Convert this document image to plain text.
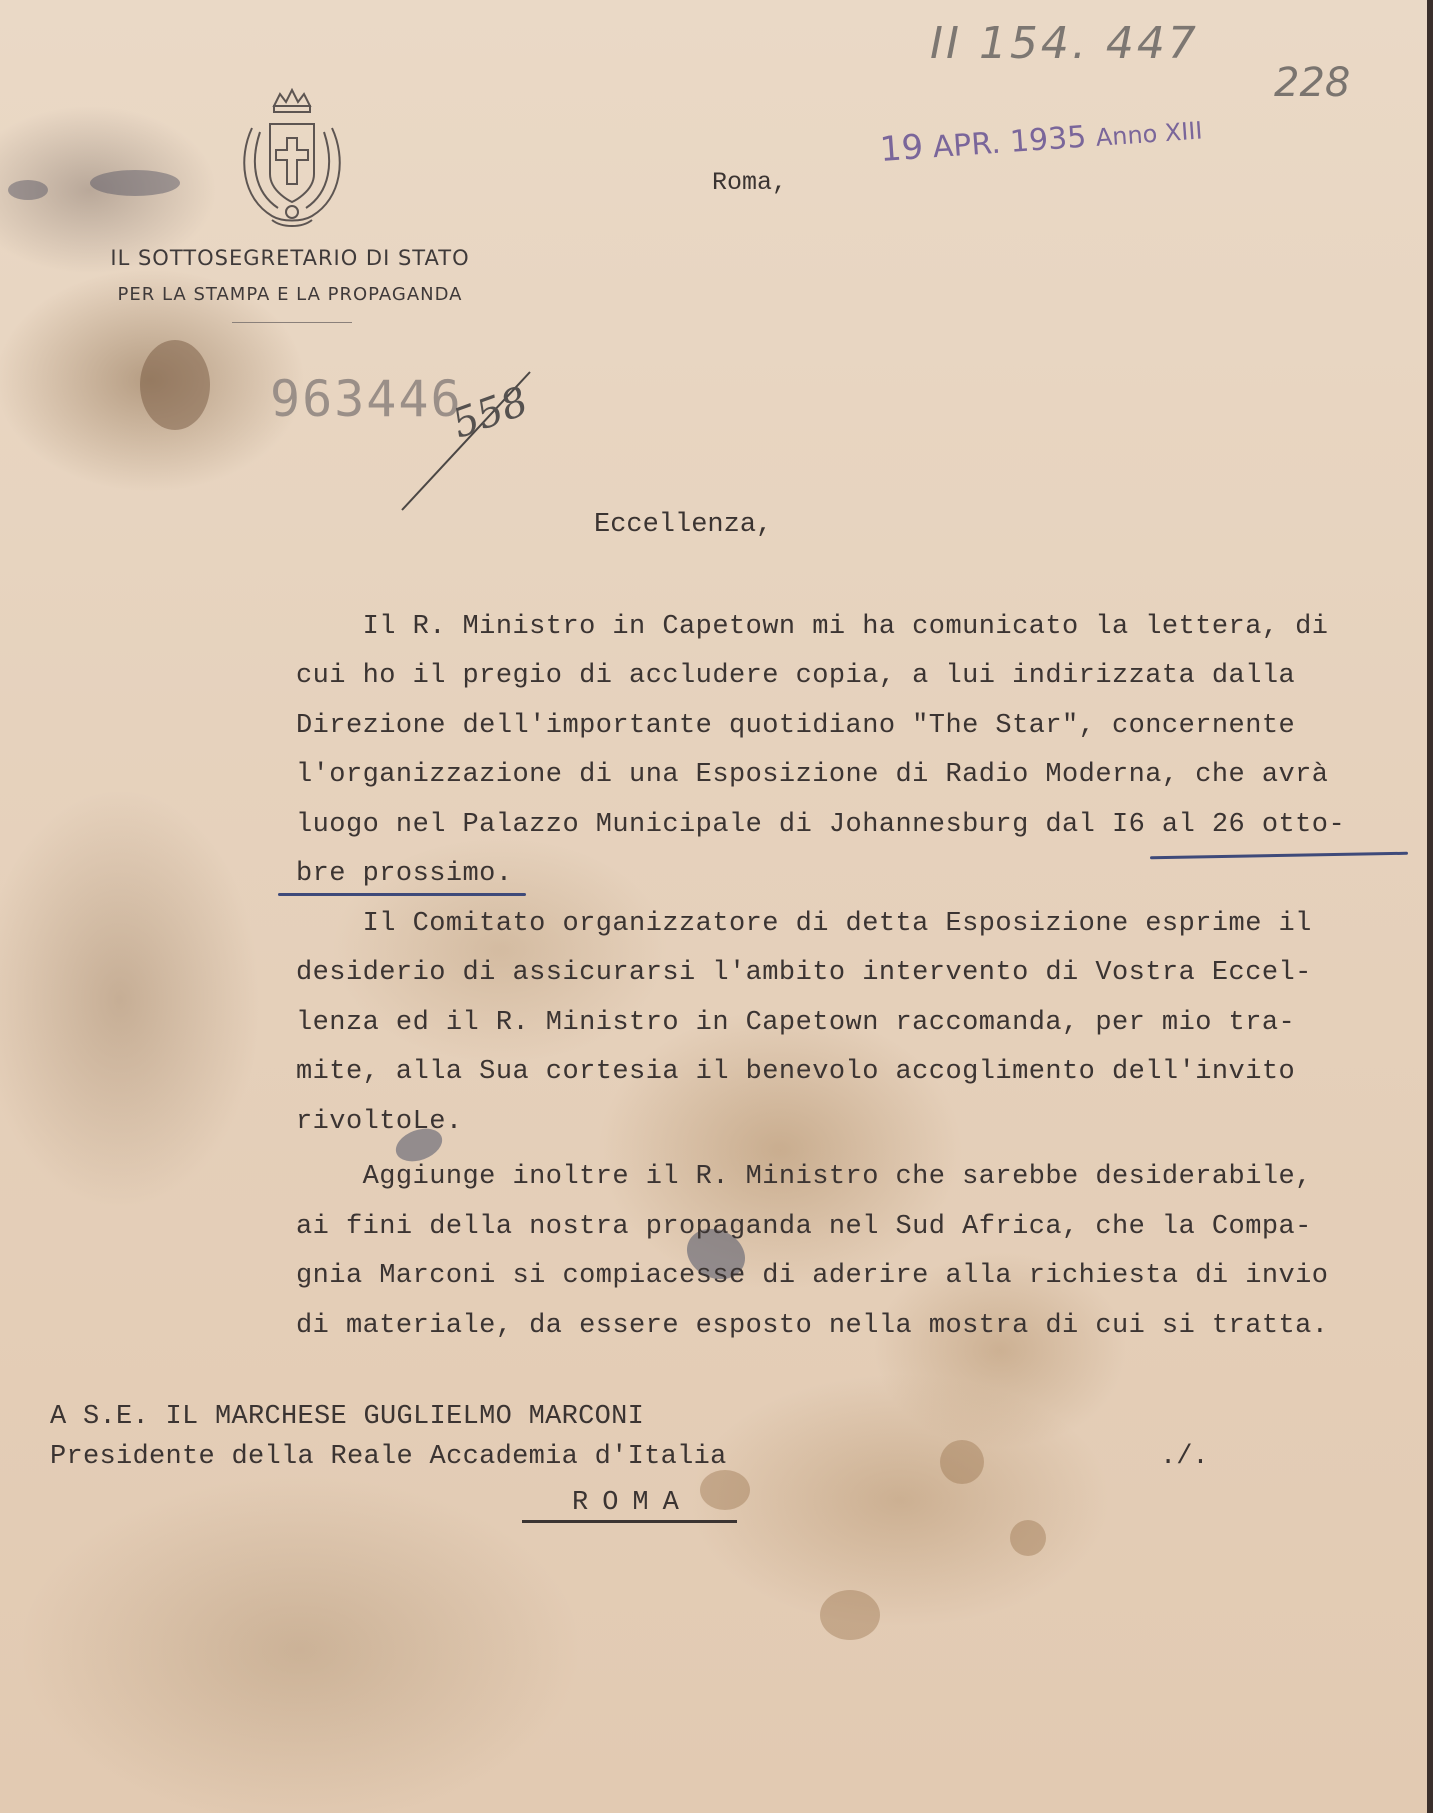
II 154. 447
228
IL SOTTOSEGRETARIO DI STATO
PER LA STAMPA E LA PROPAGANDA
963446
558
Roma,
19 APR. 1935 Anno XIII
Eccellenza,
Il R. Ministro in Capetown mi ha comunicato la lettera, di
cui ho il pregio di accludere copia, a lui indirizzata dalla
Direzione dell'importante quotidiano "The Star", concernente
l'organizzazione di una Esposizione di Radio Moderna, che avrà
luogo nel Palazzo Municipale di Johannesburg dal I6 al 26 otto-
bre prossimo.
Il Comitato organizzatore di detta Esposizione esprime il
desiderio di assicurarsi l'ambito intervento di Vostra Eccel-
lenza ed il R. Ministro in Capetown raccomanda, per mio tra-
mite, alla Sua cortesia il benevolo accoglimento dell'invito
rivoltoLe.
Aggiunge inoltre il R. Ministro che sarebbe desiderabile,
ai fini della nostra propaganda nel Sud Africa, che la Compa-
gnia Marconi si compiacesse di aderire alla richiesta di invio
di materiale, da essere esposto nella mostra di cui si tratta.
A S.E. IL MARCHESE GUGLIELMO MARCONI
Presidente della Reale Accademia d'Italia
ROMA
./.
